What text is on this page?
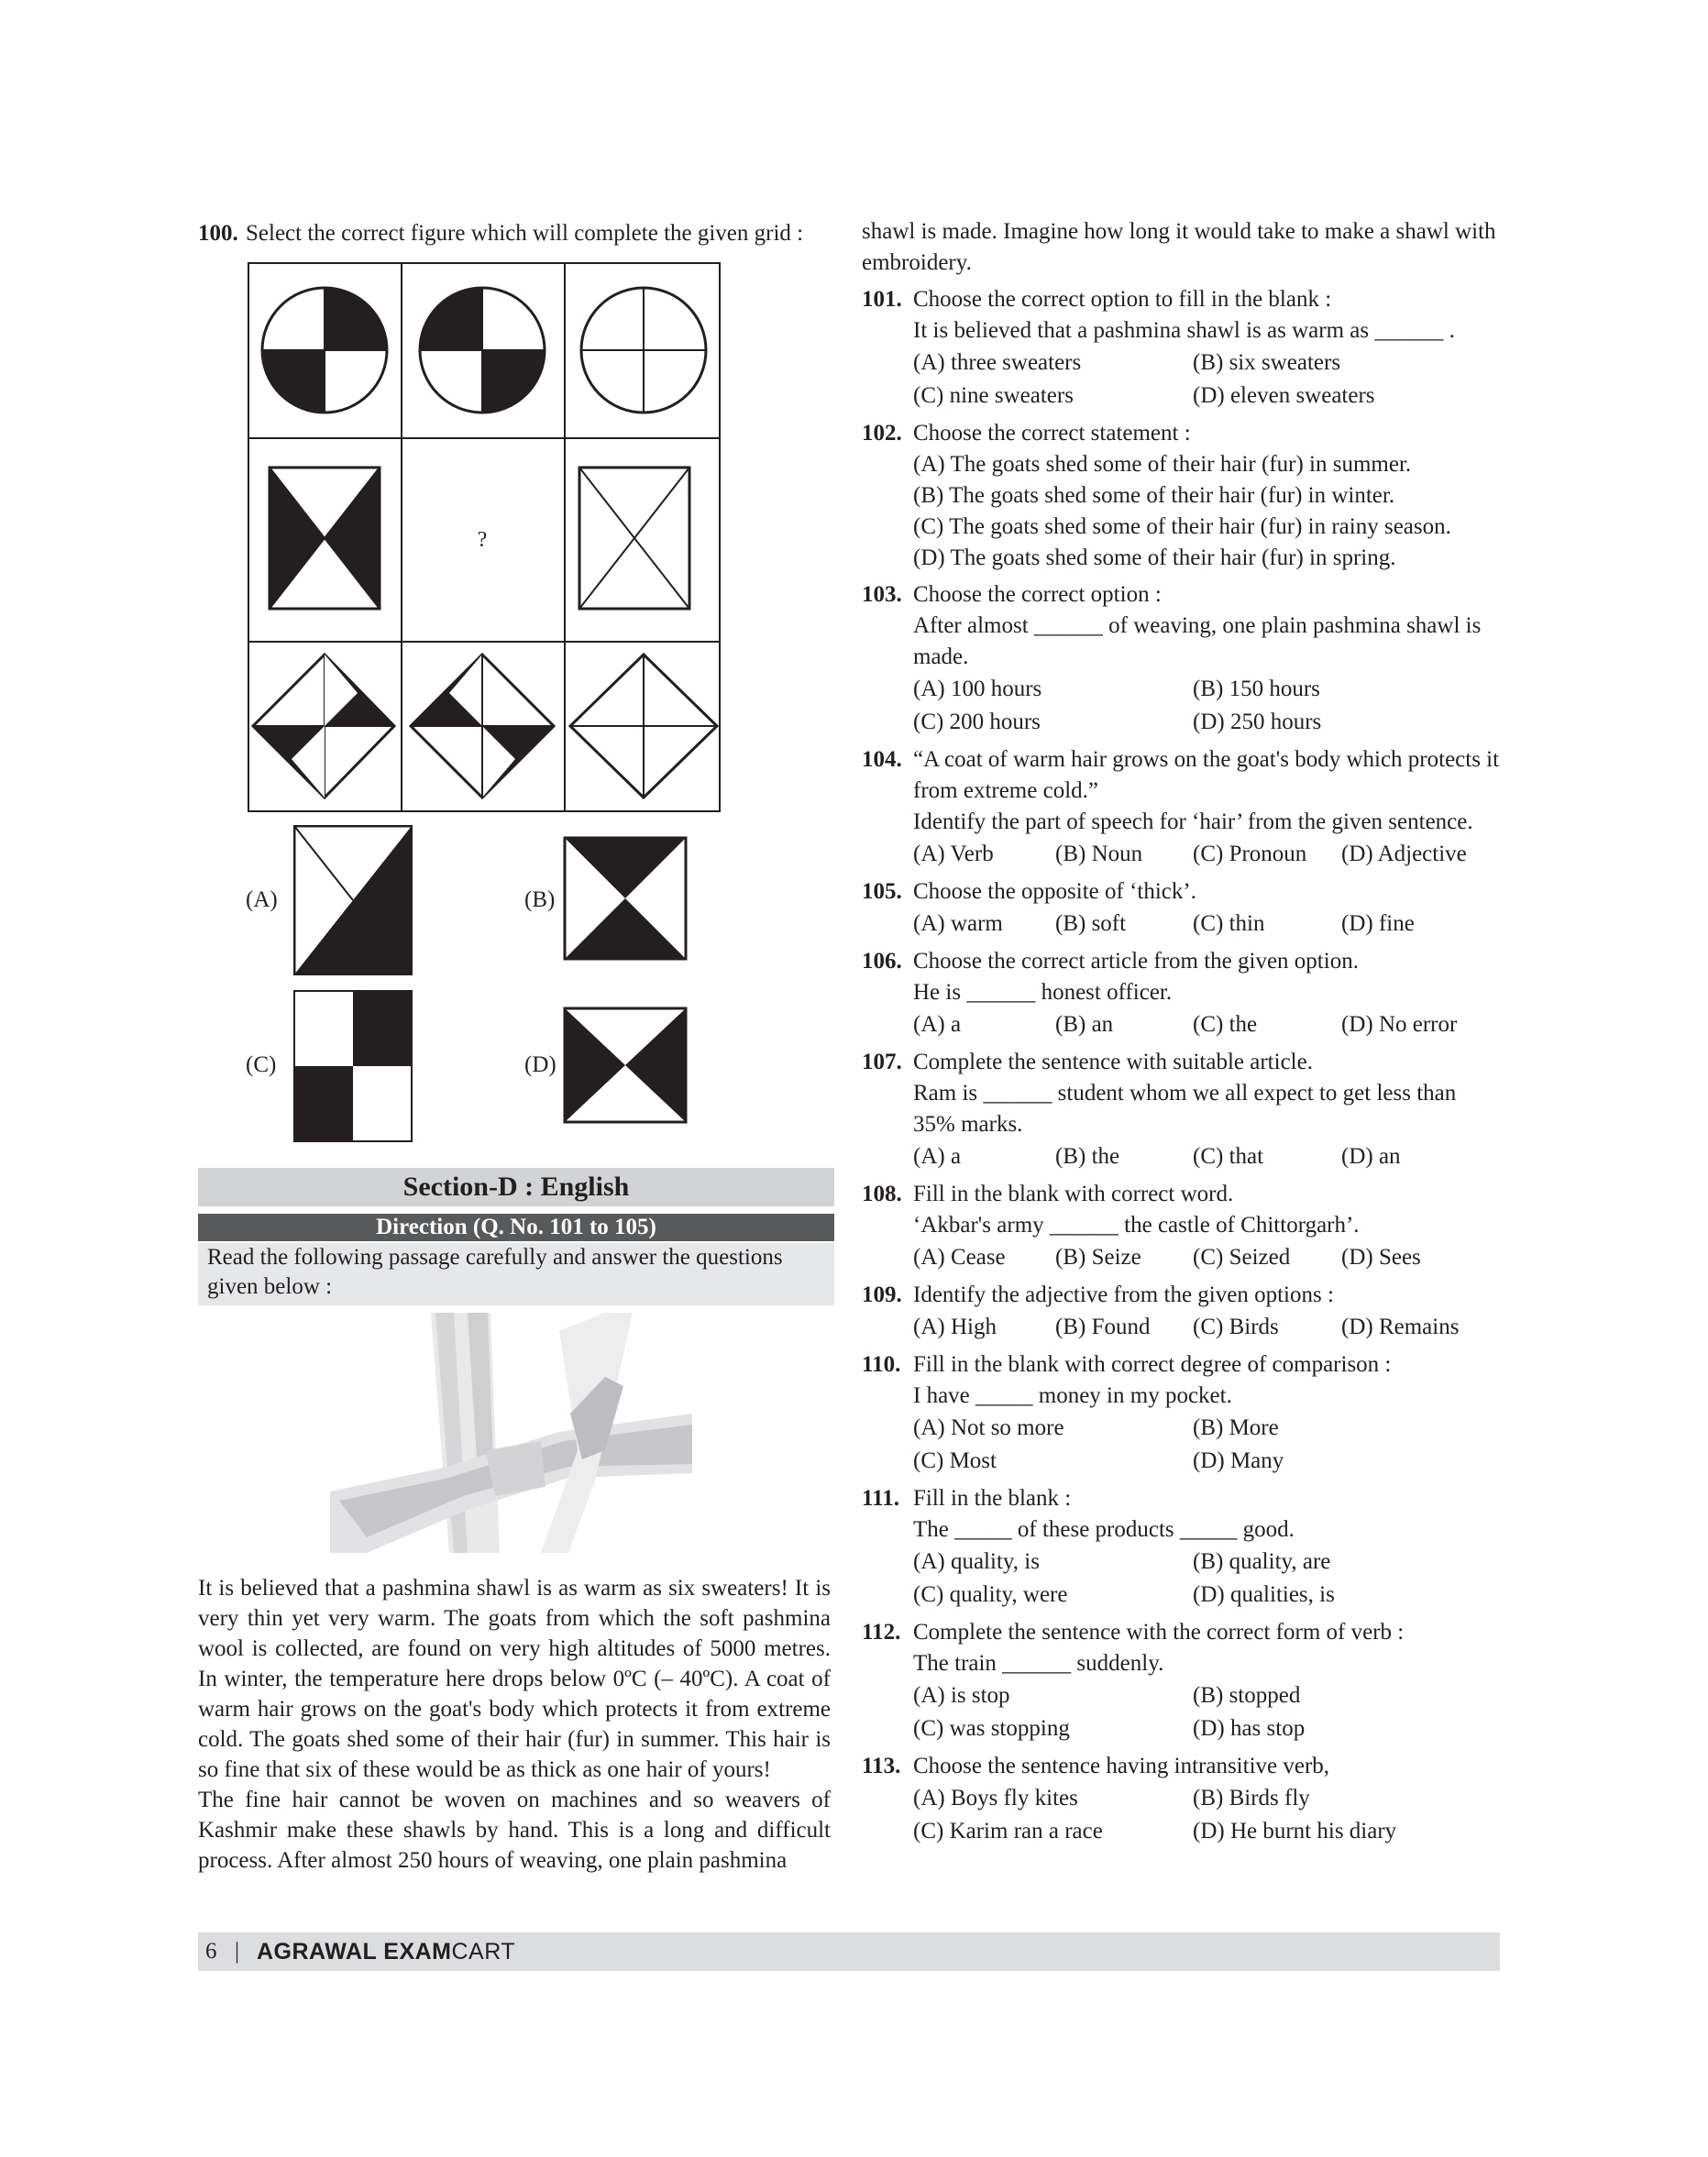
100. Select the correct figure which will complete the given grid :
?
(A)	(B)
(C)	(D)
Section-D : English
Direction (Q. No. 101 to 105)
Read the following passage carefully and answer the questions given below :

It is believed that a pashmina shawl is as warm as six sweaters! It is very thin yet very warm. The goats from which the soft pashmina wool is collected, are found on very high altitudes of 5000 metres. In winter, the temperature here drops below 0ºC (– 40ºC). A coat of warm hair grows on the goat's body which protects it from extreme cold. The goats shed some of their hair (fur) in summer. This hair is so fine that six of these would be as thick as one hair of yours!

The fine hair cannot be woven on machines and so weavers of Kashmir make these shawls by hand. This is a long and difficult process. After almost 250 hours of weaving, one plain pashmina

shawl is made. Imagine how long it would take to make a shawl with embroidery.

101. Choose the correct option to fill in the blank :
It is believed that a pashmina shawl is as warm as ______ .
(A) three sweaters	(B) six sweaters
(C) nine sweaters	(D) eleven sweaters
102. Choose the correct statement :
(A) The goats shed some of their hair (fur) in summer.
(B) The goats shed some of their hair (fur) in winter.
(C) The goats shed some of their hair (fur) in rainy season.
(D) The goats shed some of their hair (fur) in spring.
103. Choose the correct option :
After almost ______ of weaving, one plain pashmina shawl is made.
(A) 100 hours	(B) 150 hours
(C) 200 hours	(D) 250 hours
104. “A coat of warm hair grows on the goat's body which protects it from extreme cold.”
Identify the part of speech for ‘hair’ from the given sentence.
(A) Verb	(B) Noun	(C) Pronoun	(D) Adjective
105. Choose the opposite of ‘thick’.
(A) warm	(B) soft	(C) thin	(D) fine
106. Choose the correct article from the given option.
He is ______ honest officer.
(A) a	(B) an	(C) the	(D) No error
107. Complete the sentence with suitable article.
Ram is ______ student whom we all expect to get less than 35% marks.
(A) a	(B) the	(C) that	(D) an
108. Fill in the blank with correct word.
‘Akbar's army ______ the castle of Chittorgarh’.
(A) Cease	(B) Seize	(C) Seized	(D) Sees
109. Identify the adjective from the given options :
(A) High	(B) Found	(C) Birds	(D) Remains
110. Fill in the blank with correct degree of comparison :
I have _____ money in my pocket.
(A) Not so more	(B) More
(C) Most	(D) Many
111. Fill in the blank :
The _____ of these products _____ good.
(A) quality, is	(B) quality, are
(C) quality, were	(D) qualities, is
112. Complete the sentence with the correct form of verb :
The train ______ suddenly.
(A) is stop	(B) stopped
(C) was stopping	(D) has stop
113. Choose the sentence having intransitive verb,
(A) Boys fly kites	(B) Birds fly
(C) Karim ran a race	(D) He burnt his diary
6 | AGRAWAL EXAMCART
